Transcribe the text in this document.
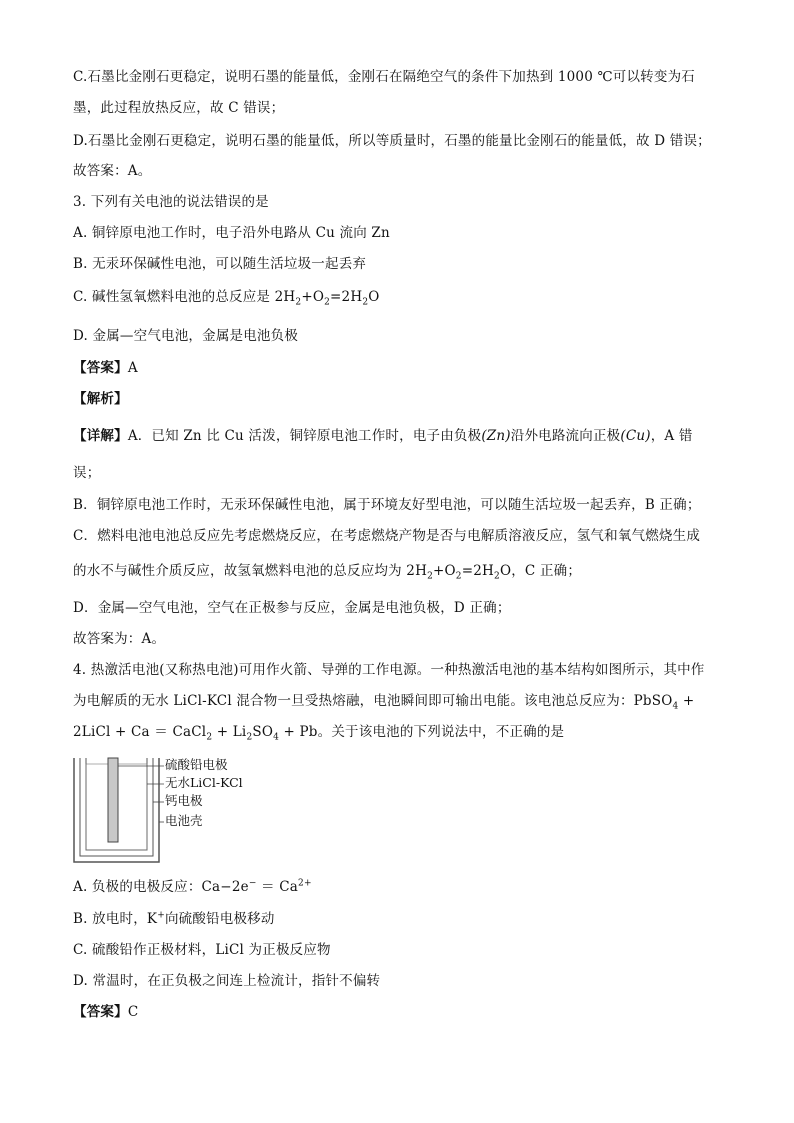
C.石墨比金刚石更稳定，说明石墨的能量低，金刚石在隔绝空气的条件下加热到 1000 ℃可以转变为石
墨，此过程放热反应，故 C 错误；
D.石墨比金刚石更稳定，说明石墨的能量低，所以等质量时，石墨的能量比金刚石的能量低，故 D 错误；
故答案：A。
3. 下列有关电池的说法错误的是
A. 铜锌原电池工作时，电子沿外电路从 Cu 流向 Zn
B. 无汞环保碱性电池，可以随生活垃圾一起丢弃
C. 碱性氢氧燃料电池的总反应是 $2H_2+O_2=2H_2O$
D. 金属—空气电池，金属是电池负极
【答案】A
【解析】
【详解】A．已知 Zn 比 Cu 活泼，铜锌原电池工作时，电子由负极(Zn)沿外电路流向正极(Cu)，A 错
误；
B．铜锌原电池工作时，无汞环保碱性电池，属于环境友好型电池，可以随生活垃圾一起丢弃，B 正确；
C．燃料电池电池总反应先考虑燃烧反应，在考虑燃烧产物是否与电解质溶液反应，氢气和氧气燃烧生成
的水不与碱性介质反应，故氢氧燃料电池的总反应均为 $2H_2+O_2=2H_2O$，C 正确；
D．金属—空气电池，空气在正极参与反应，金属是电池负极，D 正确；
故答案为：A。
4. 热激活电池(又称热电池)可用作火箭、导弹的工作电源。一种热激活电池的基本结构如图所示，其中作
为电解质的无水 LiCl-KCl 混合物一旦受热熔融，电池瞬间即可输出电能。该电池总反应为：PbSO$_4$ +
2LiCl + Ca ＝ CaCl$_2$ + $Li_2SO_4 + Pb$。关于该电池的下列说法中，不正确的是
硫酸铅电极
无水LiCl-KCl
钙电极
电池壳
A. 负极的电极反应：$Ca-2e^- = Ca^{2+}$
B. 放电时，K+向硫酸铅电极移动
C. 硫酸铅作正极材料，LiCl 为正极反应物
D. 常温时，在正负极之间连上检流计，指针不偏转
【答案】C
